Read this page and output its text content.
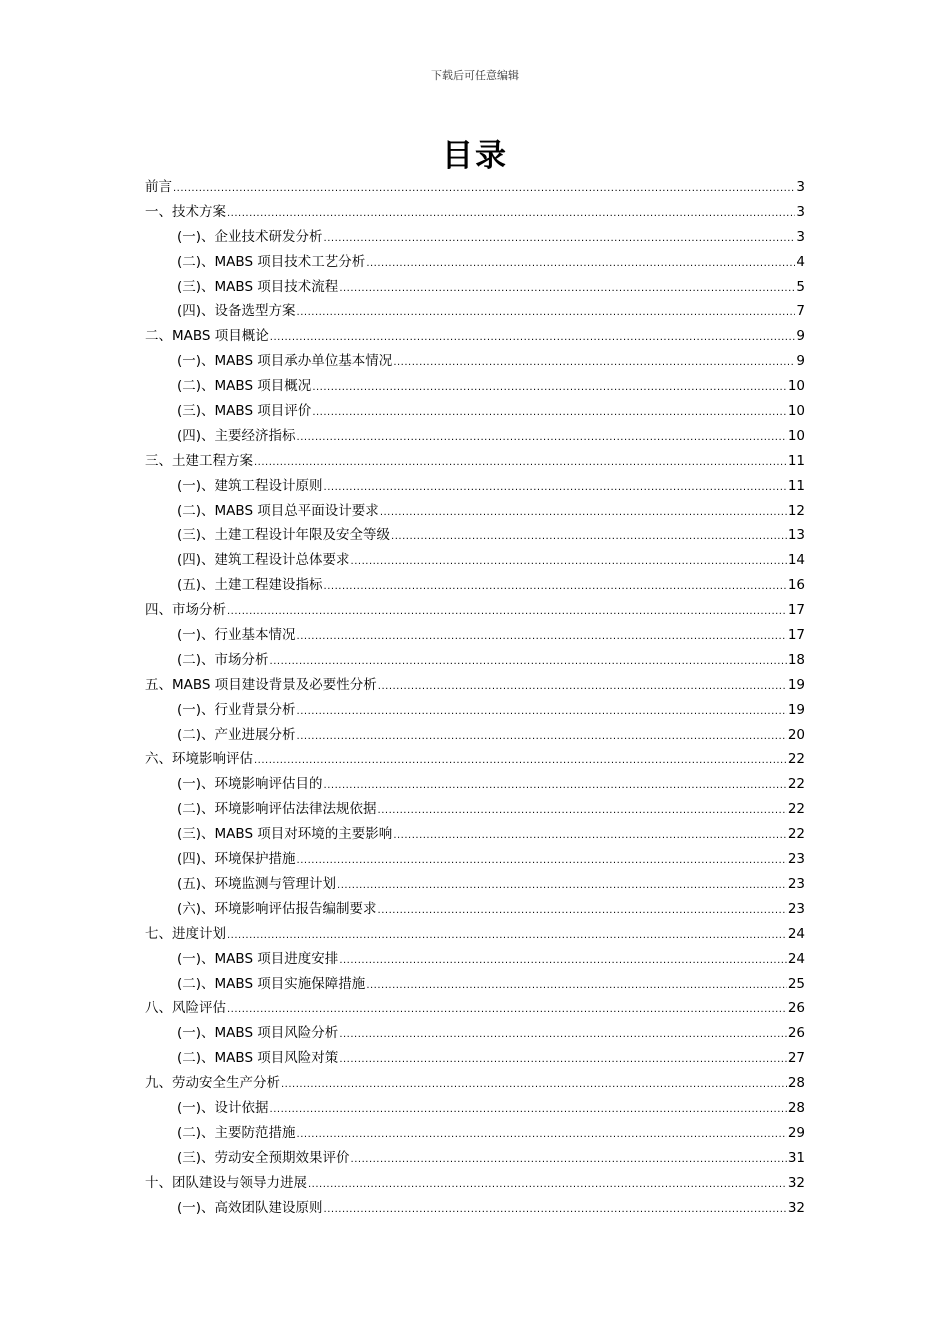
下载后可任意编辑
目录
前言 .....	3
一、技术方案 .....	3
(一)、企业技术研发分析 .....	3
(二)、MABS 项目技术工艺分析 .....	4
(三)、MABS 项目技术流程 .....	5
(四)、设备选型方案 .....	7
二、MABS 项目概论 .....	9
(一)、MABS 项目承办单位基本情况 .....	9
(二)、MABS 项目概况 .....	10
(三)、MABS 项目评价 .....	10
(四)、主要经济指标 .....	10
三、土建工程方案 .....	11
(一)、建筑工程设计原则 .....	11
(二)、MABS 项目总平面设计要求 .....	12
(三)、土建工程设计年限及安全等级 .....	13
(四)、建筑工程设计总体要求 .....	14
(五)、土建工程建设指标 .....	16
四、市场分析 .....	17
(一)、行业基本情况 .....	17
(二)、市场分析 .....	18
五、MABS 项目建设背景及必要性分析 .....	19
(一)、行业背景分析 .....	19
(二)、产业进展分析 .....	20
六、环境影响评估 .....	22
(一)、环境影响评估目的 .....	22
(二)、环境影响评估法律法规依据 .....	22
(三)、MABS 项目对环境的主要影响 .....	22
(四)、环境保护措施 .....	23
(五)、环境监测与管理计划 .....	23
(六)、环境影响评估报告编制要求 .....	23
七、进度计划 .....	24
(一)、MABS 项目进度安排 .....	24
(二)、MABS 项目实施保障措施 .....	25
八、风险评估 .....	26
(一)、MABS 项目风险分析 .....	26
(二)、MABS 项目风险对策 .....	27
九、劳动安全生产分析 .....	28
(一)、设计依据 .....	28
(二)、主要防范措施 .....	29
(三)、劳动安全预期效果评价 .....	31
十、团队建设与领导力进展 .....	32
(一)、高效团队建设原则 .....	32
